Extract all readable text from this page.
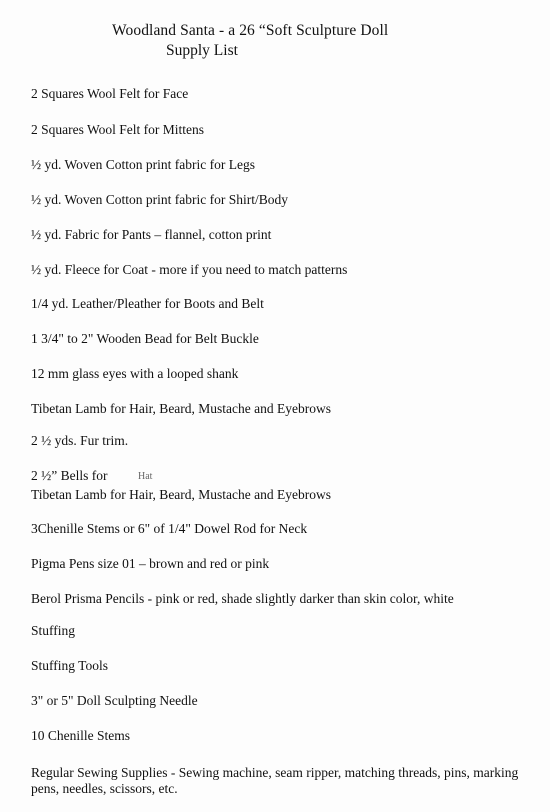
Woodland Santa - a 26 “Soft Sculpture Doll
Supply List
2 Squares Wool Felt for Face
2 Squares Wool Felt for Mittens
½ yd. Woven Cotton print fabric for Legs
½ yd. Woven Cotton print fabric for Shirt/Body
½ yd. Fabric for Pants – flannel, cotton print
½ yd. Fleece for Coat - more if you need to match patterns
1/4 yd. Leather/Pleather for Boots and Belt
1 3/4" to 2" Wooden Bead for Belt Buckle
12 mm glass eyes with a looped shank
Tibetan Lamb for Hair, Beard, Mustache and Eyebrows
2 ½ yds. Fur trim.
2 ½” Bells for	Hat
Tibetan Lamb for Hair, Beard, Mustache and Eyebrows
3Chenille Stems or 6" of 1/4" Dowel Rod for Neck
Pigma Pens size 01 – brown and red or pink
Berol Prisma Pencils - pink or red, shade slightly darker than skin color, white
Stuffing
Stuffing Tools
3" or 5" Doll Sculpting Needle
10 Chenille Stems
Regular Sewing Supplies - Sewing machine, seam ripper, matching threads, pins, marking pens, needles, scissors, etc.
